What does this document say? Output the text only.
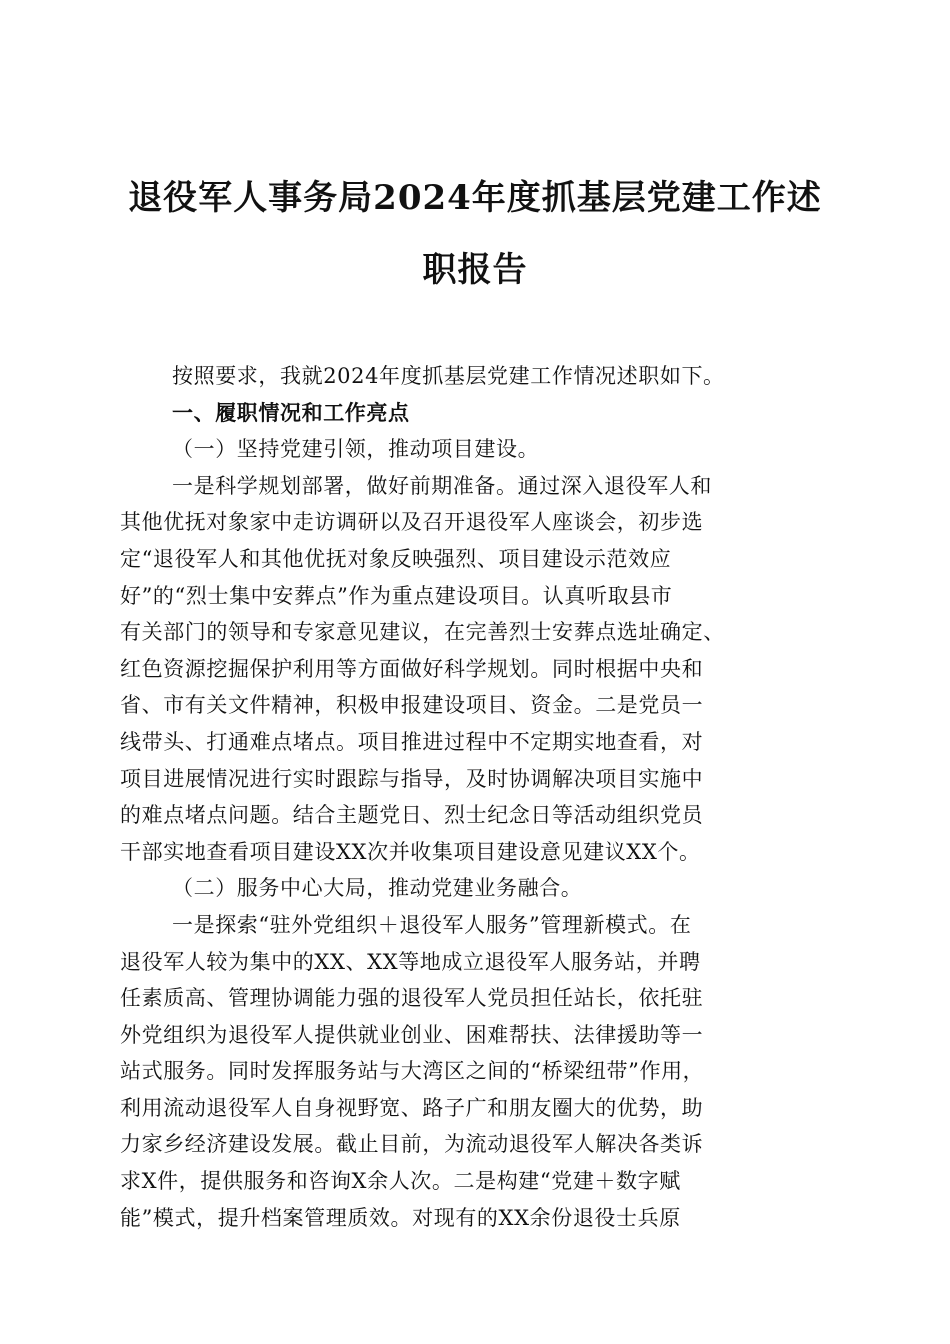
退役军人事务局2024年度抓基层党建工作述
职报告
按照要求，我就2024年度抓基层党建工作情况述职如下。
一、履职情况和工作亮点
（一）坚持党建引领，推动项目建设。
一是科学规划部署，做好前期准备。通过深入退役军人和
其他优抚对象家中走访调研以及召开退役军人座谈会，初步选
定“退役军人和其他优抚对象反映强烈、项目建设示范效应
好”的“烈士集中安葬点”作为重点建设项目。认真听取县市
有关部门的领导和专家意见建议，在完善烈士安葬点选址确定、
红色资源挖掘保护利用等方面做好科学规划。同时根据中央和
省、市有关文件精神，积极申报建设项目、资金。二是党员一
线带头、打通难点堵点。项目推进过程中不定期实地查看，对
项目进展情况进行实时跟踪与指导，及时协调解决项目实施中
的难点堵点问题。结合主题党日、烈士纪念日等活动组织党员
干部实地查看项目建设XX次并收集项目建设意见建议XX个。
（二）服务中心大局，推动党建业务融合。
一是探索“驻外党组织＋退役军人服务”管理新模式。在
退役军人较为集中的XX、XX等地成立退役军人服务站，并聘
任素质高、管理协调能力强的退役军人党员担任站长，依托驻
外党组织为退役军人提供就业创业、困难帮扶、法律援助等一
站式服务。同时发挥服务站与大湾区之间的“桥梁纽带”作用，
利用流动退役军人自身视野宽、路子广和朋友圈大的优势，助
力家乡经济建设发展。截止目前，为流动退役军人解决各类诉
求X件，提供服务和咨询X余人次。二是构建“党建＋数字赋
能”模式，提升档案管理质效。对现有的XX余份退役士兵原
